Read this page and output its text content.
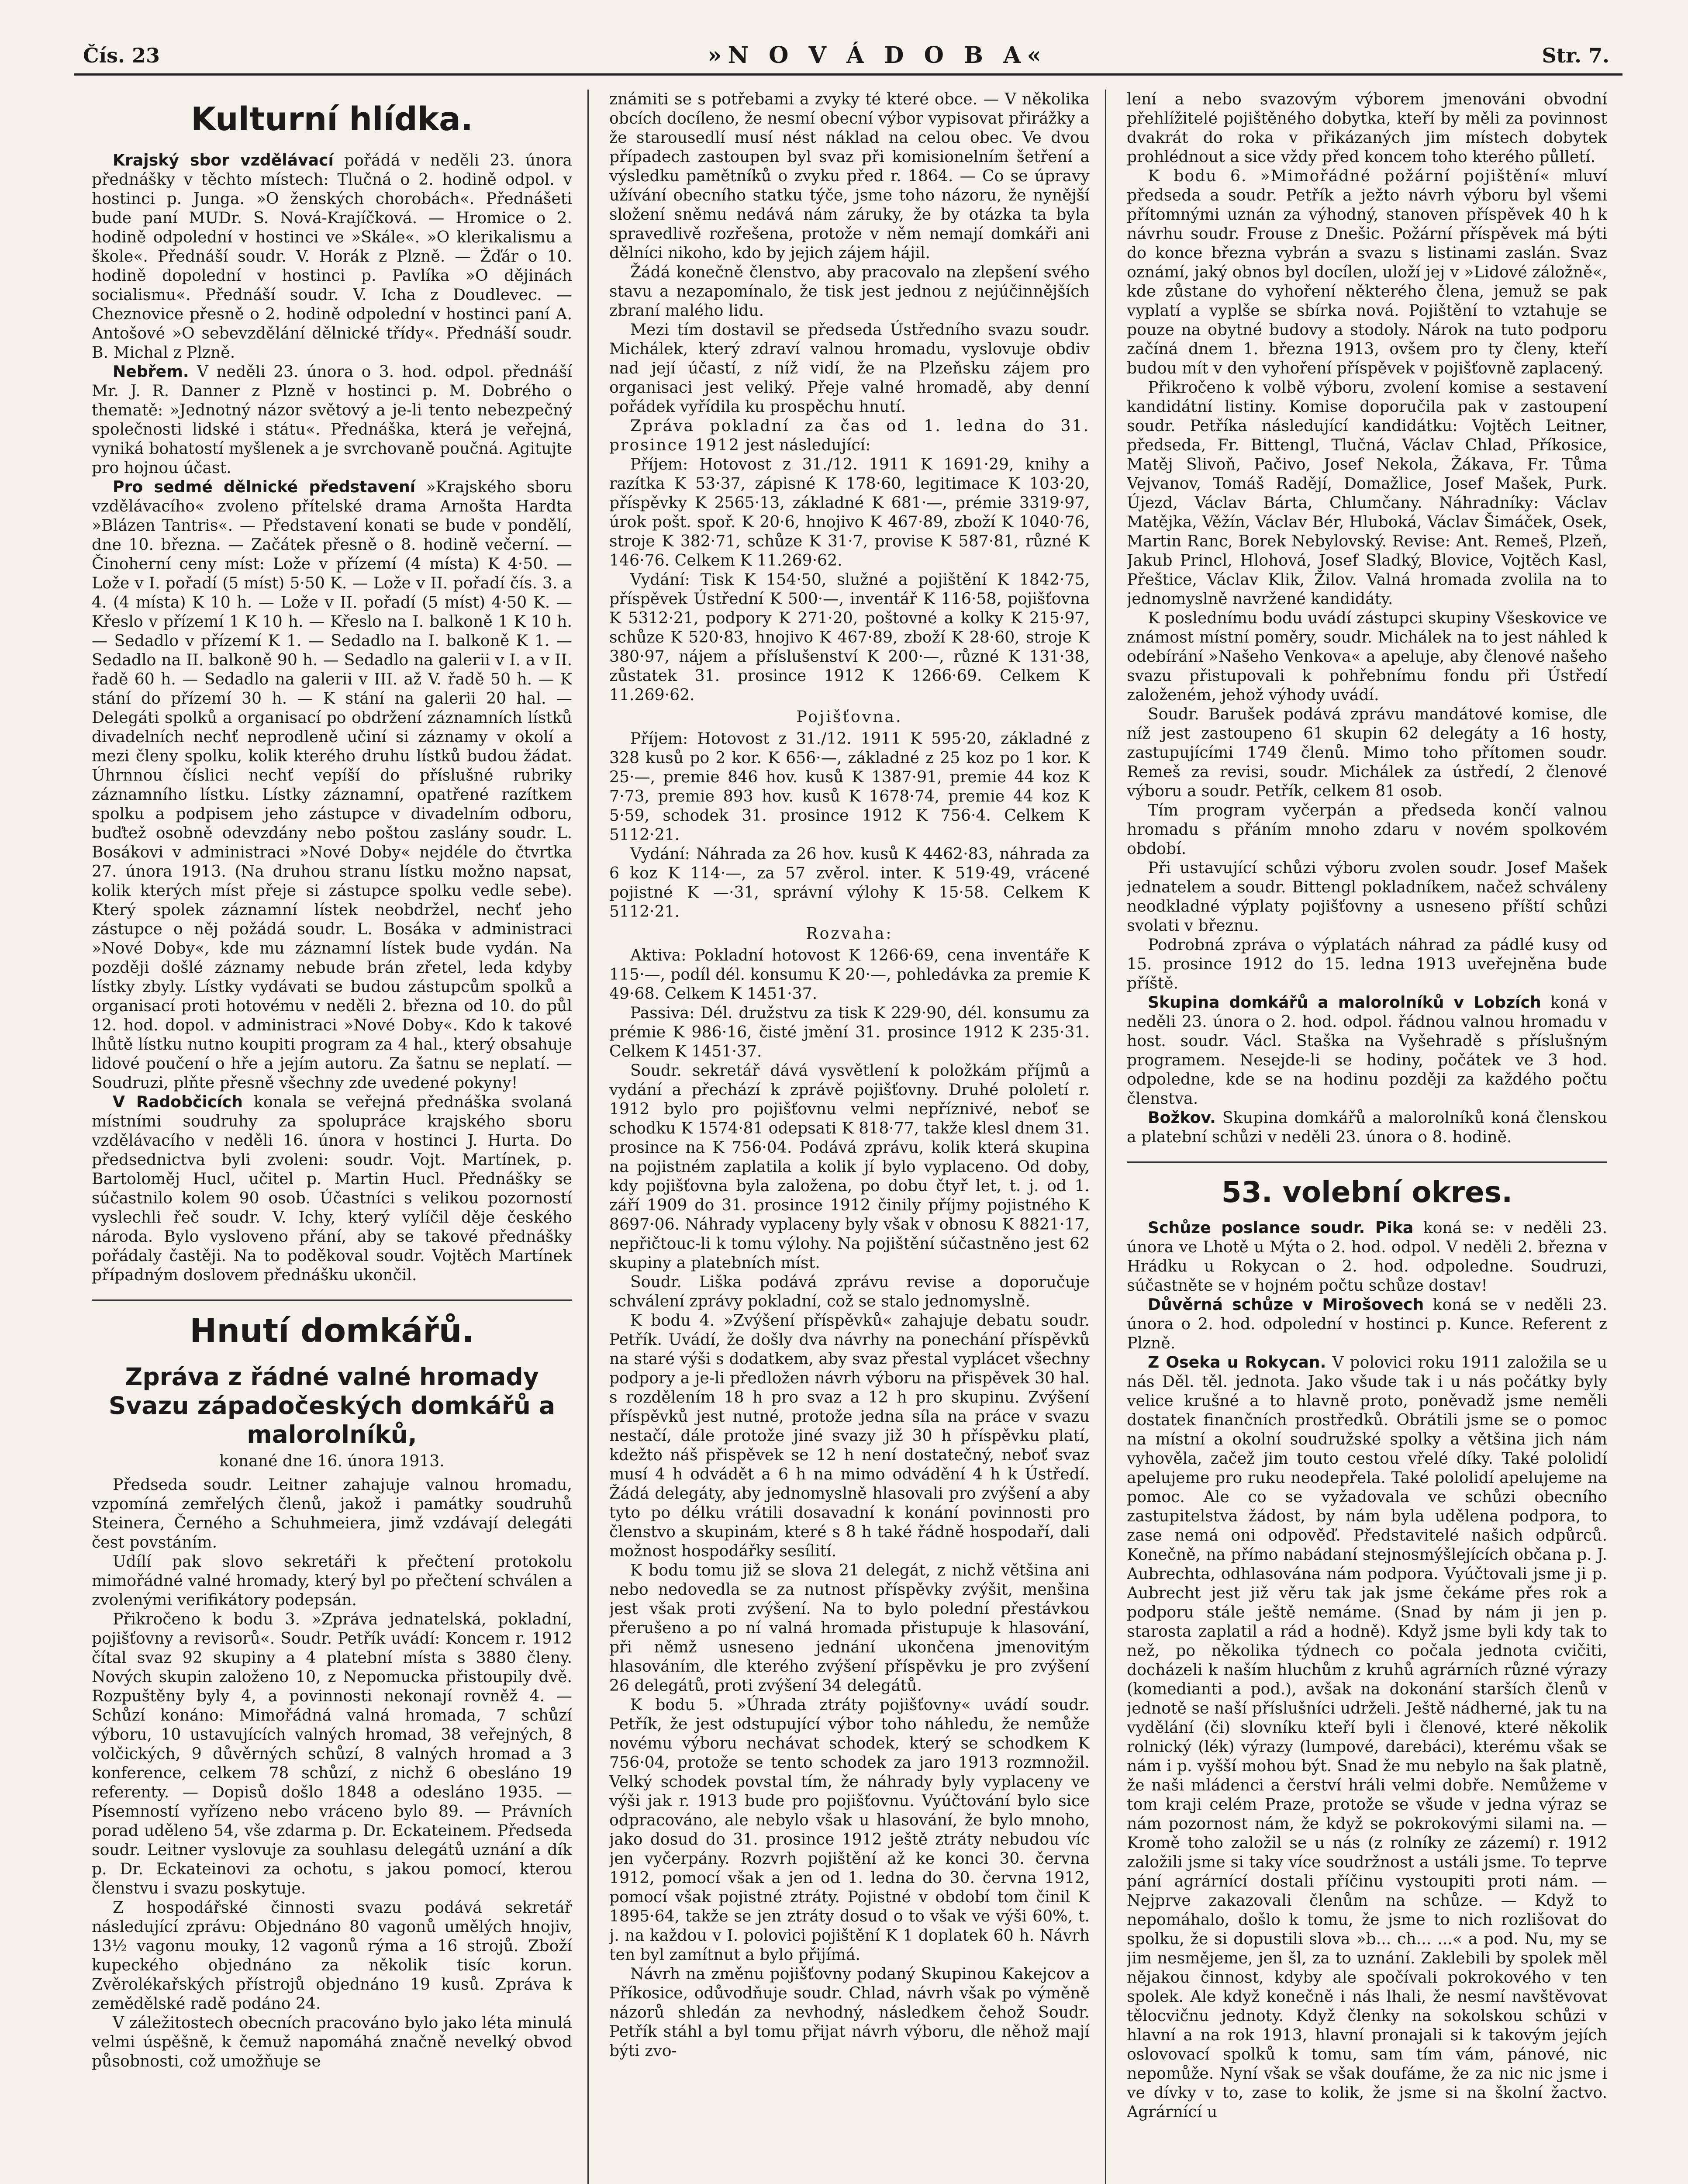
Čís. 23	»N O V Á D O B A«	Str. 7.
Kulturní hlídka.

Krajský sbor vzdělávací pořádá v neděli 23. února přednášky v těchto místech: Tlučná o 2. hodině odpol. v hostinci p. Junga. »O ženských chorobách«. Přednášeti bude paní MUDr. S. Nová-Krajíčková. — Hromice o 2. hodině odpolední v hostinci ve »Skále«. »O klerikalismu a škole«. Přednáší soudr. V. Horák z Plzně. — Žďár o 10. hodině dopolední v hostinci p. Pavlíka »O dějinách socialismu«. Přednáší soudr. V. Icha z Doudlevec. — Cheznovice přesně o 2. hodině odpolední v hostinci paní A. Antošové »O sebevzdělání dělnické třídy«. Přednáší soudr. B. Michal z Plzně.

Nebřem. V neděli 23. února o 3. hod. odpol. přednáší Mr. J. R. Danner z Plzně v hostinci p. M. Dobrého o thematě: »Jednotný názor světový a je-li tento nebezpečný společnosti lidské i státu«. Přednáška, která je veřejná, vyniká bohatostí myšlenek a je svrchovaně poučná. Agitujte pro hojnou účast.

Pro sedmé dělnické představení »Krajského sboru vzdělávacího« zvoleno přítelské drama Arnošta Hardta »Blázen Tantris«. — Představení konati se bude v pondělí, dne 10. března. — Začátek přesně o 8. hodině večerní. — Činoherní ceny míst: Lože v přízemí (4 místa) K 4·50. — Lože v I. pořadí (5 míst) 5·50 K. — Lože v II. pořadí čís. 3. a 4. (4 místa) K 10 h. — Lože v II. pořadí (5 míst) 4·50 K. — Křeslo v přízemí 1 K 10 h. — Křeslo na I. balkoně 1 K 10 h. — Sedadlo v přízemí K 1. — Sedadlo na I. balkoně K 1. — Sedadlo na II. balkoně 90 h. — Sedadlo na galerii v I. a v II. řadě 60 h. — Sedadlo na galerii v III. až V. řadě 50 h. — K stání do přízemí 30 h. — K stání na galerii 20 hal. — Delegáti spolků a organisací po obdržení záznamních lístků divadelních nechť neprodleně učiní si záznamy v okolí a mezi členy spolku, kolik kterého druhu lístků budou žádat. Úhrnnou číslici nechť vepíší do příslušné rubriky záznamního lístku. Lístky záznamní, opatřené razítkem spolku a podpisem jeho zástupce v divadelním odboru, buďtež osobně odevzdány nebo poštou zaslány soudr. L. Bosákovi v administraci »Nové Doby« nejdéle do čtvrtka 27. února 1913. (Na druhou stranu lístku možno napsat, kolik kterých míst přeje si zástupce spolku vedle sebe). Který spolek záznamní lístek neobdržel, nechť jeho zástupce o něj požádá soudr. L. Bosáka v administraci »Nové Doby«, kde mu záznamní lístek bude vydán. Na později došlé záznamy nebude brán zřetel, leda kdyby lístky zbyly. Lístky vydávati se budou zástupcům spolků a organisací proti hotovému v neděli 2. března od 10. do půl 12. hod. dopol. v administraci »Nové Doby«. Kdo k takové lhůtě lístku nutno koupiti program za 4 hal., který obsahuje lidové poučení o hře a jejím autoru. Za šatnu se neplatí. — Soudruzi, plňte přesně všechny zde uvedené pokyny!

V Radobčicích konala se veřejná přednáška svolaná místními soudruhy za spolupráce krajského sboru vzdělávacího v neděli 16. února v hostinci J. Hurta. Do předsednictva byli zvoleni: soudr. Vojt. Martínek, p. Bartoloměj Hucl, učitel p. Martin Hucl. Přednášky se súčastnilo kolem 90 osob. Účastníci s velikou pozorností vyslechli řeč soudr. V. Ichy, který vylíčil děje českého národa. Bylo vysloveno přání, aby se takové přednášky pořádaly častěji. Na to poděkoval soudr. Vojtěch Martínek případným doslovem přednášku ukončil.

Hnutí domkářů.
Zpráva z řádné valné hromady Svazu západočeských domkářů a malorolníků,
konané dne 16. února 1913.

Předseda soudr. Leitner zahajuje valnou hromadu, vzpomíná zemřelých členů, jakož i památky soudruhů Steinera, Černého a Schuhmeiera, jimž vzdávají delegáti čest povstáním.

Udílí pak slovo sekretáři k přečtení protokolu mimořádné valné hromady, který byl po přečtení schválen a zvolenými verifikátory podepsán.

Přikročeno k bodu 3. »Zpráva jednatelská, pokladní, pojišťovny a revisorů«. Soudr. Petřík uvádí: Koncem r. 1912 čítal svaz 92 skupiny a 4 platební místa s 3880 členy. Nových skupin založeno 10, z Nepomucka přistoupily dvě. Rozpuštěny byly 4, a povinnosti nekonají rovněž 4. — Schůzí konáno: Mimořádná valná hromada, 7 schůzí výboru, 10 ustavujících valných hromad, 38 veřejných, 8 volčických, 9 důvěrných schůzí, 8 valných hromad a 3 konference, celkem 78 schůzí, z nichž 6 obesláno 19 referenty. — Dopisů došlo 1848 a odesláno 1935. — Písemností vyřízeno nebo vráceno bylo 89. — Právních porad uděleno 54, vše zdarma p. Dr. Eckateinem. Předseda soudr. Leitner vyslovuje za souhlasu delegátů uznání a dík p. Dr. Eckateinovi za ochotu, s jakou pomocí, kterou členstvu i svazu poskytuje.

Z hospodářské činnosti svazu podává sekretář následující zprávu: Objednáno 80 vagonů umělých hnojiv, 13½ vagonu mouky, 12 vagonů rýma a 16 strojů. Zboží kupeckého objednáno za několik tisíc korun. Zvěrolékařských přístrojů objednáno 19 kusů. Zpráva k zemědělské radě podáno 24.

V záležitostech obecních pracováno bylo jako léta minulá velmi úspěšně, k čemuž napomáhá značně nevelký obvod působnosti, což umožňuje se

známiti se s potřebami a zvyky té které obce. — V několika obcích docíleno, že nesmí obecní výbor vypisovat přirážky a že starousedlí musí nést náklad na celou obec. Ve dvou případech zastoupen byl svaz při komisionelním šetření a výsledku pamětníků o zvyku před r. 1864. — Co se úpravy užívání obecního statku týče, jsme toho názoru, že nynější složení sněmu nedává nám záruky, že by otázka ta byla spravedlivě rozřešena, protože v něm nemají domkáři ani dělníci nikoho, kdo by jejich zájem hájil.

Žádá konečně členstvo, aby pracovalo na zlepšení svého stavu a nezapomínalo, že tisk jest jednou z nejúčinnějších zbraní malého lidu.

Mezi tím dostavil se předseda Ústředního svazu soudr. Michálek, který zdraví valnou hromadu, vyslovuje obdiv nad její účastí, z níž vidí, že na Plzeňsku zájem pro organisaci jest veliký. Přeje valné hromadě, aby denní pořádek vyřídila ku prospěchu hnutí.

Zpráva pokladní za čas od 1. ledna do 31. prosince 1912 jest následující:

Příjem: Hotovost z 31./12. 1911 K 1691·29, knihy a razítka K 53·37, zápisné K 178·60, legitimace K 103·20, příspěvky K 2565·13, základné K 681·—, prémie 3319·97, úrok pošt. spoř. K 20·6, hnojivo K 467·89, zboží K 1040·76, stroje K 382·71, schůze K 31·7, provise K 587·81, různé K 146·76. Celkem K 11.269·62.

Vydání: Tisk K 154·50, služné a pojištění K 1842·75, příspěvek Ústřední K 500·—, inventář K 116·58, pojišťovna K 5312·21, podpory K 271·20, poštovné a kolky K 215·97, schůze K 520·83, hnojivo K 467·89, zboží K 28·60, stroje K 380·97, nájem a příslušenství K 200·—, různé K 131·38, zůstatek 31. prosince 1912 K 1266·69. Celkem K 11.269·62.

Pojišťovna.

Příjem: Hotovost z 31./12. 1911 K 595·20, základné z 328 kusů po 2 kor. K 656·—, základné z 25 koz po 1 kor. K 25·—, premie 846 hov. kusů K 1387·91, premie 44 koz K 7·73, premie 893 hov. kusů K 1678·74, premie 44 koz K 5·59, schodek 31. prosince 1912 K 756·4. Celkem K 5112·21.

Vydání: Náhrada za 26 hov. kusů K 4462·83, náhrada za 6 koz K 114·—, za 57 zvěrol. inter. K 519·49, vrácené pojistné K —·31, správní výlohy K 15·58. Celkem K 5112·21.

Rozvaha:

Aktiva: Pokladní hotovost K 1266·69, cena inventáře K 115·—, podíl dél. konsumu K 20·—, pohledávka za premie K 49·68. Celkem K 1451·37.

Passiva: Dél. družstvu za tisk K 229·90, dél. konsumu za prémie K 986·16, čisté jmění 31. prosince 1912 K 235·31. Celkem K 1451·37.

Soudr. sekretář dává vysvětlení k položkám příjmů a vydání a přechází k zprávě pojišťovny. Druhé pololetí r. 1912 bylo pro pojišťovnu velmi nepříznivé, neboť se schodku K 1574·81 odepsati K 818·77, takže klesl dnem 31. prosince na K 756·04. Podává zprávu, kolik která skupina na pojistném zaplatila a kolik jí bylo vyplaceno. Od doby, kdy pojišťovna byla založena, po dobu čtyř let, t. j. od 1. září 1909 do 31. prosince 1912 činily příjmy pojistného K 8697·06. Náhrady vyplaceny byly však v obnosu K 8821·17, nepřičtouc-li k tomu výlohy. Na pojištění súčastněno jest 62 skupiny a platebních míst.

Soudr. Liška podává zprávu revise a doporučuje schválení zprávy pokladní, což se stalo jednomyslně.

K bodu 4. »Zvýšení příspěvků« zahajuje debatu soudr. Petřík. Uvádí, že došly dva návrhy na ponechání příspěvků na staré výši s dodatkem, aby svaz přestal vyplácet všechny podpory a je-li předložen návrh výboru na přispěvek 30 hal. s rozdělením 18 h pro svaz a 12 h pro skupinu. Zvýšení příspěvků jest nutné, protože jedna síla na práce v svazu nestačí, dále protože jiné svazy již 30 h příspěvku platí, kdežto náš přispěvek se 12 h není dostatečný, neboť svaz musí 4 h odvádět a 6 h na mimo odvádění 4 h k Ústředí. Žádá delegáty, aby jednomyslně hlasovali pro zvýšení a aby tyto po délku vrátili dosavadní k konání povinnosti pro členstvo a skupinám, které s 8 h také řádně hospodaří, dali možnost hospodářky sesílití.

K bodu tomu již se slova 21 delegát, z nichž většina ani nebo nedovedla se za nutnost příspěvky zvýšit, menšina jest však proti zvýšení. Na to bylo polední přestávkou přerušeno a po ní valná hromada přistupuje k hlasování, při němž usneseno jednání ukončena jmenovitým hlasováním, dle kterého zvýšení příspěvku je pro zvýšení 26 delegátů, proti zvýšení 34 delegátů.

K bodu 5. »Úhrada ztráty pojišťovny« uvádí soudr. Petřík, že jest odstupující výbor toho náhledu, že nemůže novému výboru nechávat schodek, který se schodkem K 756·04, protože se tento schodek za jaro 1913 rozmnožil. Velký schodek povstal tím, že náhrady byly vyplaceny ve výši jak r. 1913 bude pro pojišťovnu. Vyúčtování bylo sice odpracováno, ale nebylo však u hlasování, že bylo mnoho, jako dosud do 31. prosince 1912 ještě ztráty nebudou víc jen vyčerpány. Rozvrh pojištění až ke konci 30. června 1912, pomocí však a jen od 1. ledna do 30. června 1912, pomocí však pojistné ztráty. Pojistné v období tom činil K 1895·64, takže se jen ztráty dosud o to však ve výši 60%, t. j. na každou v I. polovici pojištění K 1 doplatek 60 h. Návrh ten byl zamítnut a bylo přijímá.

Návrh na změnu pojišťovny podaný Skupinou Kakejcov a Příkosice, odůvodňuje soudr. Chlad, návrh však po výměně názorů shledán za nevhodný, následkem čehož Soudr. Petřík stáhl a byl tomu přijat návrh výboru, dle něhož mají býti zvo-

lení a nebo svazovým výborem jmenováni obvodní přehlížitelé pojištěného dobytka, kteří by měli za povinnost dvakrát do roka v přikázaných jim místech dobytek prohlédnout a sice vždy před koncem toho kterého půlletí.

K bodu 6. »Mimořádné požární pojištění« mluví předseda a soudr. Petřík a ježto návrh výboru byl všemi přítomnými uznán za výhodný, stanoven příspěvek 40 h k návrhu soudr. Frouse z Dnešic. Požární příspěvek má býti do konce března vybrán a svazu s listinami zaslán. Svaz oznámí, jaký obnos byl docílen, uloží jej v »Lidové záložně«, kde zůstane do vyhoření některého člena, jemuž se pak vyplatí a vyplše se sbírka nová. Pojištění to vztahuje se pouze na obytné budovy a stodoly. Nárok na tuto podporu začíná dnem 1. března 1913, ovšem pro ty členy, kteří budou mít v den vyhoření příspěvek v pojišťovně zaplacený.

Přikročeno k volbě výboru, zvolení komise a sestavení kandidátní listiny. Komise doporučila pak v zastoupení soudr. Petříka následující kandidátku: Vojtěch Leitner, předseda, Fr. Bittengl, Tlučná, Václav Chlad, Příkosice, Matěj Slivoň, Pačivo, Josef Nekola, Žákava, Fr. Tůma Vejvanov, Tomáš Radějí, Domažlice, Josef Mašek, Purk. Újezd, Václav Bárta, Chlumčany. Náhradníky: Václav Matějka, Věžín, Václav Bér, Hluboká, Václav Šimáček, Osek, Martin Ranc, Borek Nebylovský. Revise: Ant. Remeš, Plzeň, Jakub Princl, Hlohová, Josef Sladký, Blovice, Vojtěch Kasl, Přeštice, Václav Klik, Žilov. Valná hromada zvolila na to jednomyslně navržené kandidáty.

K poslednímu bodu uvádí zástupci skupiny Všeskovice ve známost místní poměry, soudr. Michálek na to jest náhled k odebírání »Našeho Venkova« a apeluje, aby členové našeho svazu přistupovali k pohřebnímu fondu při Ústředí založeném, jehož výhody uvádí.

Soudr. Barušek podává zprávu mandátové komise, dle níž jest zastoupeno 61 skupin 62 delegáty a 16 hosty, zastupujícími 1749 členů. Mimo toho přítomen soudr. Remeš za revisi, soudr. Michálek za ústředí, 2 členové výboru a soudr. Petřík, celkem 81 osob.

Tím program vyčerpán a předseda končí valnou hromadu s přáním mnoho zdaru v novém spolkovém období.

Při ustavující schůzi výboru zvolen soudr. Josef Mašek jednatelem a soudr. Bittengl pokladníkem, načež schváleny neodkladné výplaty pojišťovny a usneseno příští schůzi svolati v březnu.

Podrobná zpráva o výplatách náhrad za pádlé kusy od 15. prosince 1912 do 15. ledna 1913 uveřejněna bude příště.

Skupina domkářů a malorolníků v Lobzích koná v neděli 23. února o 2. hod. odpol. řádnou valnou hromadu v host. soudr. Václ. Staška na Vyšehradě s příslušným programem. Nesejde-li se hodiny, počátek ve 3 hod. odpoledne, kde se na hodinu později za každého počtu členstva.

Božkov. Skupina domkářů a malorolníků koná členskou a platební schůzi v neděli 23. února o 8. hodině.

53. volební okres.

Schůze poslance soudr. Pika koná se: v neděli 23. února ve Lhotě u Mýta o 2. hod. odpol. V neděli 2. března v Hrádku u Rokycan o 2. hod. odpoledne. Soudruzi, súčastněte se v hojném počtu schůze dostav!

Důvěrná schůze v Mirošovech koná se v neděli 23. února o 2. hod. odpolední v hostinci p. Kunce. Referent z Plzně.

Z Oseka u Rokycan. V polovici roku 1911 založila se u nás Děl. těl. jednota. Jako všude tak i u nás počátky byly velice krušné a to hlavně proto, poněvadž jsme neměli dostatek finančních prostředků. Obrátili jsme se o pomoc na místní a okolní soudružské spolky a většina jich nám vyhověla, začež jim touto cestou vřelé díky. Také pololidí apelujeme pro ruku neodepřela. Také pololidí apelujeme na pomoc. Ale co se vyžadovala ve schůzi obecního zastupitelstva žádost, by nám byla udělena podpora, to zase nemá oni odpověď. Představitelé našich odpůrců. Konečně, na přímo nabádaní stejnosmýšlejících občana p. J. Aubrechta, odhlasována nám podpora. Vyúčtovali jsme ji p. Aubrecht jest již věru tak jak jsme čekáme přes rok a podporu stále ještě nemáme. (Snad by nám ji jen p. starosta zaplatil a rád a hodně). Když jsme byli kdy tak to než, po několika týdnech co počala jednota cvičiti, docházeli k naším hluchům z kruhů agrárních různé výrazy (komedianti a pod.), avšak na dokonání starších členů v jednotě se naší příslušníci udrželi. Ještě nádherné, jak tu na vydělání (či) slovníku kteří byli i členové, které několik rolnický (lék) výrazy (lumpové, darebáci), kterému však se nám i p. vyšší mohou být. Snad že mu nebylo na šak platně, že naši mládenci a čerství hráli velmi dobře. Nemůžeme v tom kraji celém Praze, protože se všude v jedna výraz se nám pozornost nám, že když se pokrokovými silami na. — Kromě toho založil se u nás (z rolníky ze zázemí) r. 1912 založili jsme si taky více soudržnost a ustáli jsme. To teprve pání agrárnící dostali příčinu vystoupiti proti nám. — Nejprve zakazovali členům na schůze. — Když to nepomáhalo, došlo k tomu, že jsme to nich rozlišovat do spolku, že si dopustili slova »b... ch... ...« a pod. Nu, my se jim nesmějeme, jen šl, za to uznání. Zaklebili by spolek měl nějakou činnost, kdyby ale spočívali pokrokového v ten spolek. Ale když konečně i nás lhali, že nesmí navštěvovat tělocvičnu jednoty. Když členky na sokolskou schůzi v hlavní a na rok 1913, hlavní pronajali si k takovým jejích oslovovací spolků k tomu, sam tím vám, pánové, nic nepomůže. Nyní však se však doufáme, že za nic nic jsme i ve dívky v to, zase to kolik, že jsme si na školní žactvo. Agrárnící u
